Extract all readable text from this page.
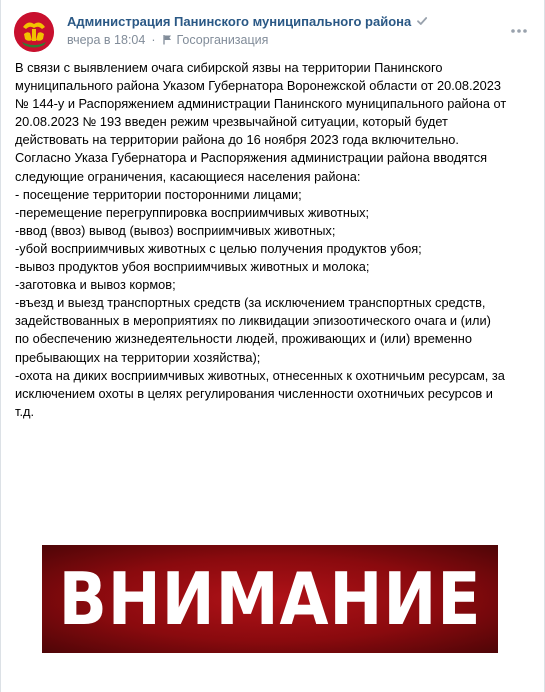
Администрация Панинского муниципального района
вчера в 18:04 · Госорганизация
В связи с выявлением очага сибирской язвы на территории Панинского
муниципального района Указом Губернатора Воронежской области от 20.08.2023
№ 144-у и Распоряжением администрации Панинского муниципального района от
20.08.2023 № 193 введен режим чрезвычайной ситуации, который будет
действовать на территории района до 16 ноября 2023 года включительно.
Согласно Указа Губернатора и Распоряжения администрации района вводятся
следующие ограничения, касающиеся населения района:
- посещение территории посторонними лицами;
-перемещение перегруппировка восприимчивых животных;
-ввод (ввоз) вывод (вывоз) восприимчивых животных;
-убой восприимчивых животных с целью получения продуктов убоя;
-вывоз продуктов убоя восприимчивых животных и молока;
-заготовка и вывоз кормов;
-въезд и выезд транспортных средств (за исключением транспортных средств,
задействованных в мероприятиях по ликвидации эпизоотического очага и (или)
по обеспечению жизнедеятельности людей, проживающих и (или) временно
пребывающих на территории хозяйства);
-охота на диких восприимчивых животных, отнесенных к охотничьим ресурсам, за
исключением охоты в целях регулирования численности охотничьих ресурсов и
т.д.
ВНИМАНИЕ
